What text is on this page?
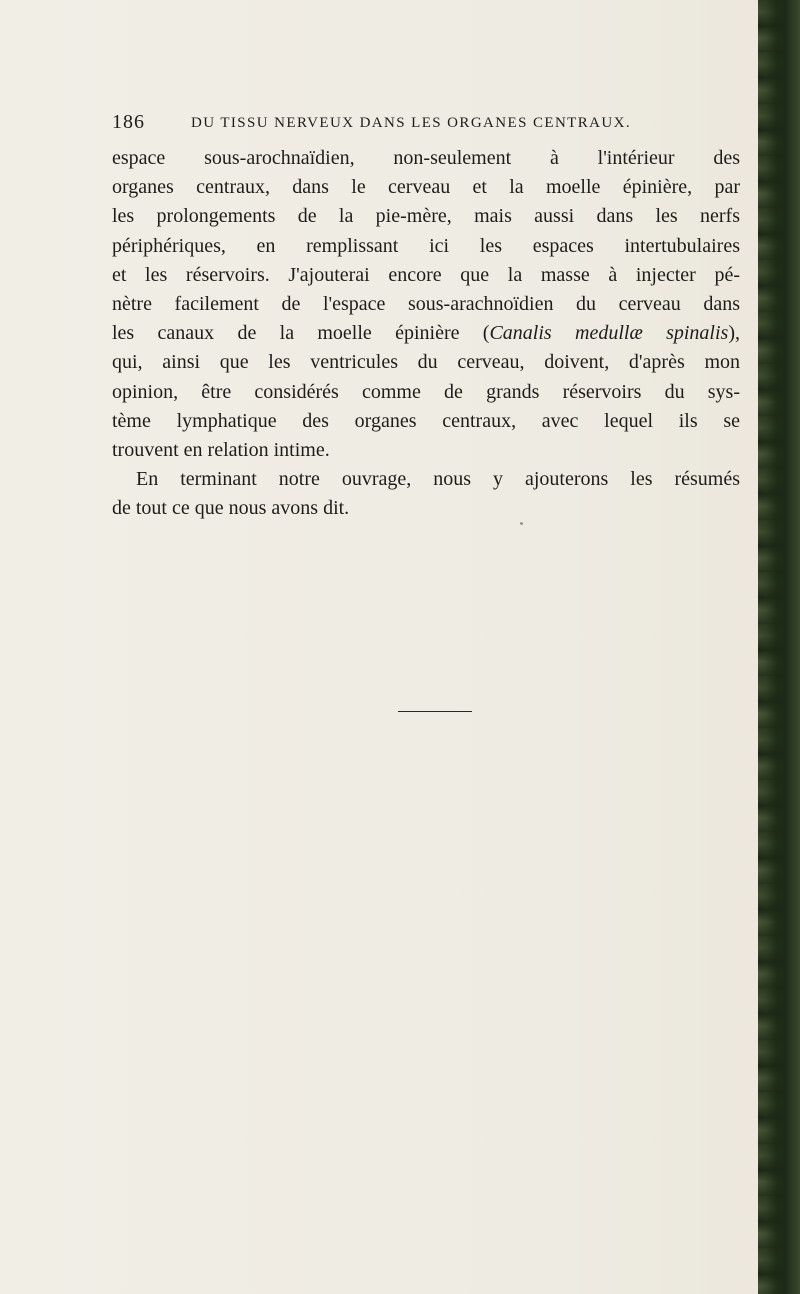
186	DU TISSU NERVEUX DANS LES ORGANES CENTRAUX.
espace sous-arochnaïdien, non-seulement à l'intérieur des
organes centraux, dans le cerveau et la moelle épinière, par
les prolongements de la pie-mère, mais aussi dans les nerfs
périphériques, en remplissant ici les espaces intertubulaires
et les réservoirs. J'ajouterai encore que la masse à injecter pé-
nètre facilement de l'espace sous-arachnoïdien du cerveau dans
les canaux de la moelle épinière (Canalis medullæ spinalis),
qui, ainsi que les ventricules du cerveau, doivent, d'après mon
opinion, être considérés comme de grands réservoirs du sys-
tème lymphatique des organes centraux, avec lequel ils se
trouvent en relation intime.
En terminant notre ouvrage, nous y ajouterons les résumés
de tout ce que nous avons dit.
